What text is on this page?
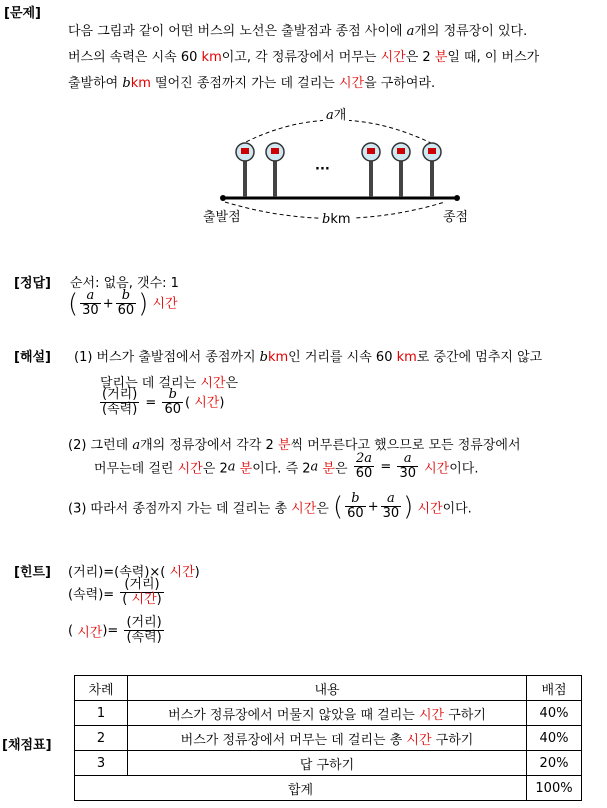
[문제]
다음 그림과 같이 어떤 버스의 노선은 출발점과 종점 사이에 a개의 정류장이 있다.
버스의 속력은 시속 60 km이고, 각 정류장에서 머무는 시간은 2 분일 때, 이 버스가
출발하여 bkm 떨어진 종점까지 가는 데 걸리는 시간을 구하여라.
a개
···
출발점	종점
bkm
[정답] 순서: 없음, 갯수: 1
( $\frac{a}{30} + \frac{b}{60}$ ) 시간
[해설] (1) 버스가 출발점에서 종점까지 bkm인 거리를 시속 60 km로 중간에 멈추지 않고
달리는 데 걸리는 시간은
$\frac{\text{(거리)}}{\text{(속력)}} = \frac{b}{60}$ ( 시간)
(2) 그런데 a개의 정류장에서 각각 2 분씩 머무른다고 했으므로 모든 정류장에서
머무는데 걸린 시간은 2a 분이다. 즉 2a 분은 $\frac{2a}{60} = \frac{a}{30}$ 시간이다.
(3) 따라서 종점까지 가는 데 걸리는 총 시간은 ( $\frac{b}{60} + \frac{a}{30}$ ) 시간이다.
[힌트] (거리)=(속력)×( 시간)
(속력)= $\frac{\text{(거리)}}{\text{( 시간)}}$
( 시간)= $\frac{\text{(거리)}}{\text{(속력)}}$
[채점표]
차례	내용	배점
1	버스가 정류장에서 머물지 않았을 때 걸리는 시간 구하기	40%
2	버스가 정류장에서 머무는 데 걸리는 총 시간 구하기	40%
3	답 구하기	20%
합계		100%
